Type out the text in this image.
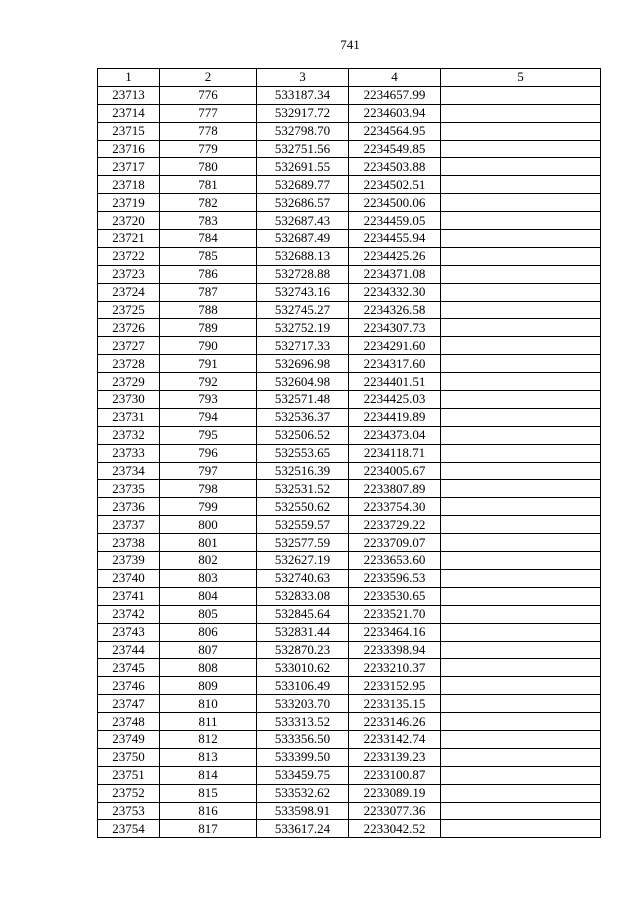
741
1	2	3	4	5
23713	776	533187.34	2234657.99	
23714	777	532917.72	2234603.94	
23715	778	532798.70	2234564.95	
23716	779	532751.56	2234549.85	
23717	780	532691.55	2234503.88	
23718	781	532689.77	2234502.51	
23719	782	532686.57	2234500.06	
23720	783	532687.43	2234459.05	
23721	784	532687.49	2234455.94	
23722	785	532688.13	2234425.26	
23723	786	532728.88	2234371.08	
23724	787	532743.16	2234332.30	
23725	788	532745.27	2234326.58	
23726	789	532752.19	2234307.73	
23727	790	532717.33	2234291.60	
23728	791	532696.98	2234317.60	
23729	792	532604.98	2234401.51	
23730	793	532571.48	2234425.03	
23731	794	532536.37	2234419.89	
23732	795	532506.52	2234373.04	
23733	796	532553.65	2234118.71	
23734	797	532516.39	2234005.67	
23735	798	532531.52	2233807.89	
23736	799	532550.62	2233754.30	
23737	800	532559.57	2233729.22	
23738	801	532577.59	2233709.07	
23739	802	532627.19	2233653.60	
23740	803	532740.63	2233596.53	
23741	804	532833.08	2233530.65	
23742	805	532845.64	2233521.70	
23743	806	532831.44	2233464.16	
23744	807	532870.23	2233398.94	
23745	808	533010.62	2233210.37	
23746	809	533106.49	2233152.95	
23747	810	533203.70	2233135.15	
23748	811	533313.52	2233146.26	
23749	812	533356.50	2233142.74	
23750	813	533399.50	2233139.23	
23751	814	533459.75	2233100.87	
23752	815	533532.62	2233089.19	
23753	816	533598.91	2233077.36	
23754	817	533617.24	2233042.52	
